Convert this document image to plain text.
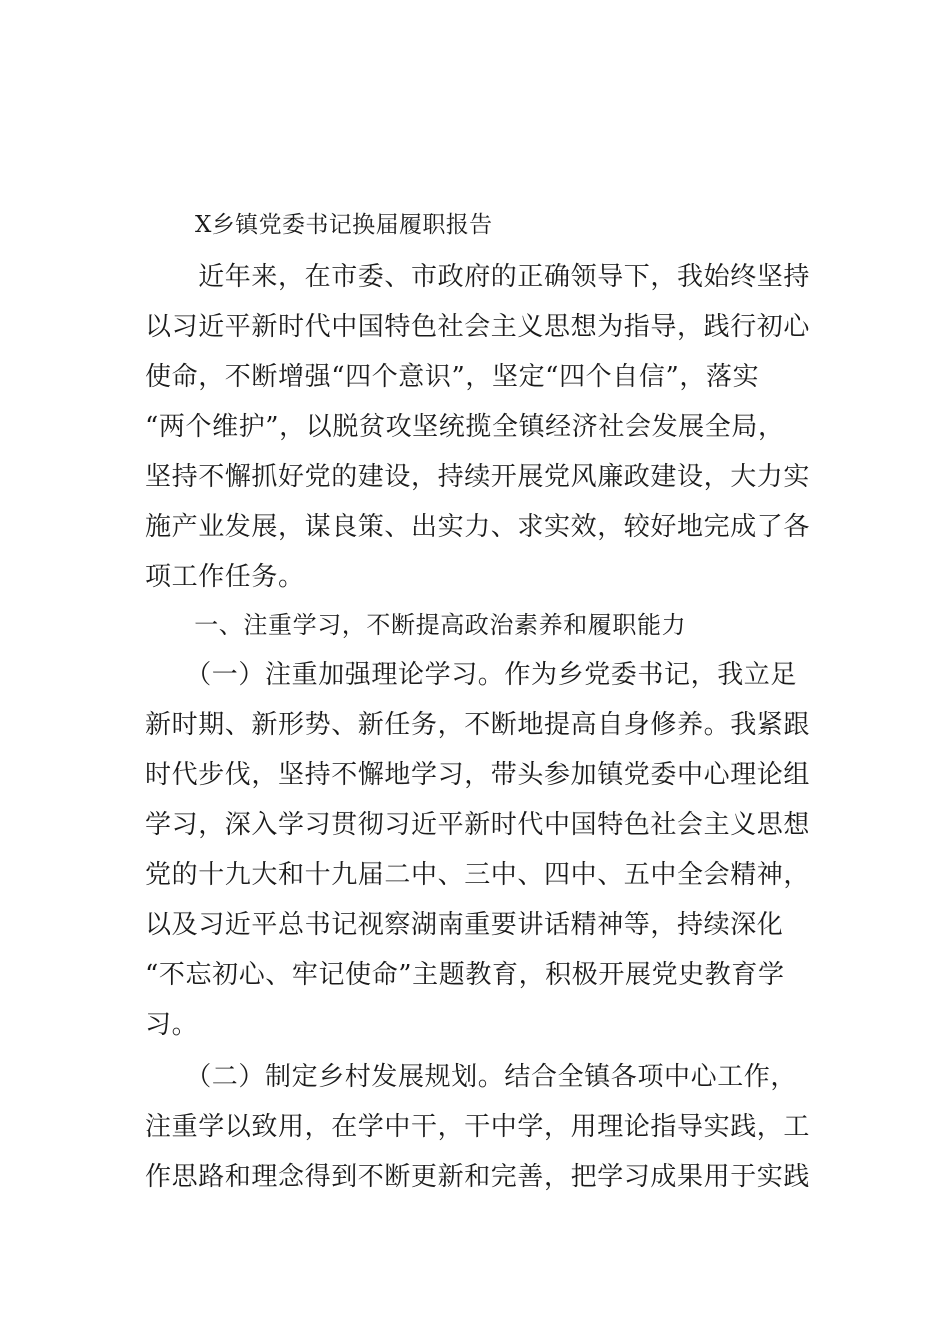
X乡镇党委书记换届履职报告
　　近年来，在市委、市政府的正确领导下，我始终坚持
以习近平新时代中国特色社会主义思想为指导，践行初心
使命，不断增强“四个意识”，坚定“四个自信”，落实
“两个维护”，以脱贫攻坚统揽全镇经济社会发展全局，
坚持不懈抓好党的建设，持续开展党风廉政建设，大力实
施产业发展，谋良策、出实力、求实效，较好地完成了各
项工作任务。
　　一、注重学习，不断提高政治素养和履职能力
　　（一）注重加强理论学习。作为乡党委书记，我立足
新时期、新形势、新任务，不断地提高自身修养。我紧跟
时代步伐，坚持不懈地学习，带头参加镇党委中心理论组
学习，深入学习贯彻习近平新时代中国特色社会主义思想
党的十九大和十九届二中、三中、四中、五中全会精神，
以及习近平总书记视察湖南重要讲话精神等，持续深化
“不忘初心、牢记使命”主题教育，积极开展党史教育学
习。
　　（二）制定乡村发展规划。结合全镇各项中心工作，
注重学以致用，在学中干，干中学，用理论指导实践，工
作思路和理念得到不断更新和完善，把学习成果用于实践
